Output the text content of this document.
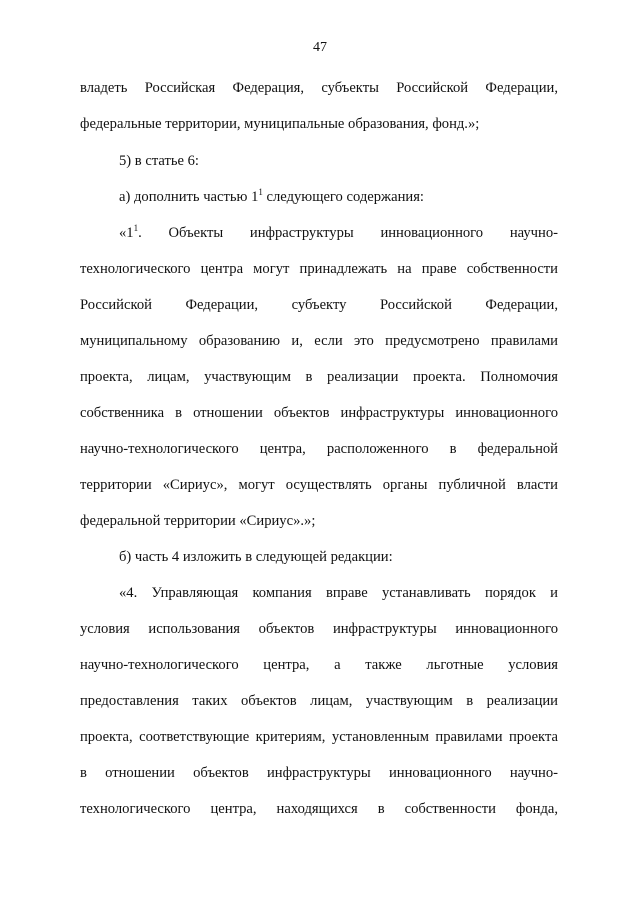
47
владеть Российская Федерация, субъекты Российской Федерации,
федеральные территории, муниципальные образования, фонд.»;
5) в статье 6:
а) дополнить частью $1^1$ следующего содержания:
«$1^1$. Объекты инфраструктуры инновационного научно-
технологического центра могут принадлежать на праве собственности
Российской Федерации, субъекту Российской Федерации,
муниципальному образованию и, если это предусмотрено правилами
проекта, лицам, участвующим в реализации проекта. Полномочия
собственника в отношении объектов инфраструктуры инновационного
научно-технологического центра, расположенного в федеральной
территории «Сириус», могут осуществлять органы публичной власти
федеральной территории «Сириус».»;
б) часть 4 изложить в следующей редакции:
«4. Управляющая компания вправе устанавливать порядок и
условия использования объектов инфраструктуры инновационного
научно-технологического центра, а также льготные условия
предоставления таких объектов лицам, участвующим в реализации
проекта, соответствующие критериям, установленным правилами проекта
в отношении объектов инфраструктуры инновационного научно-
технологического центра, находящихся в собственности фонда,
